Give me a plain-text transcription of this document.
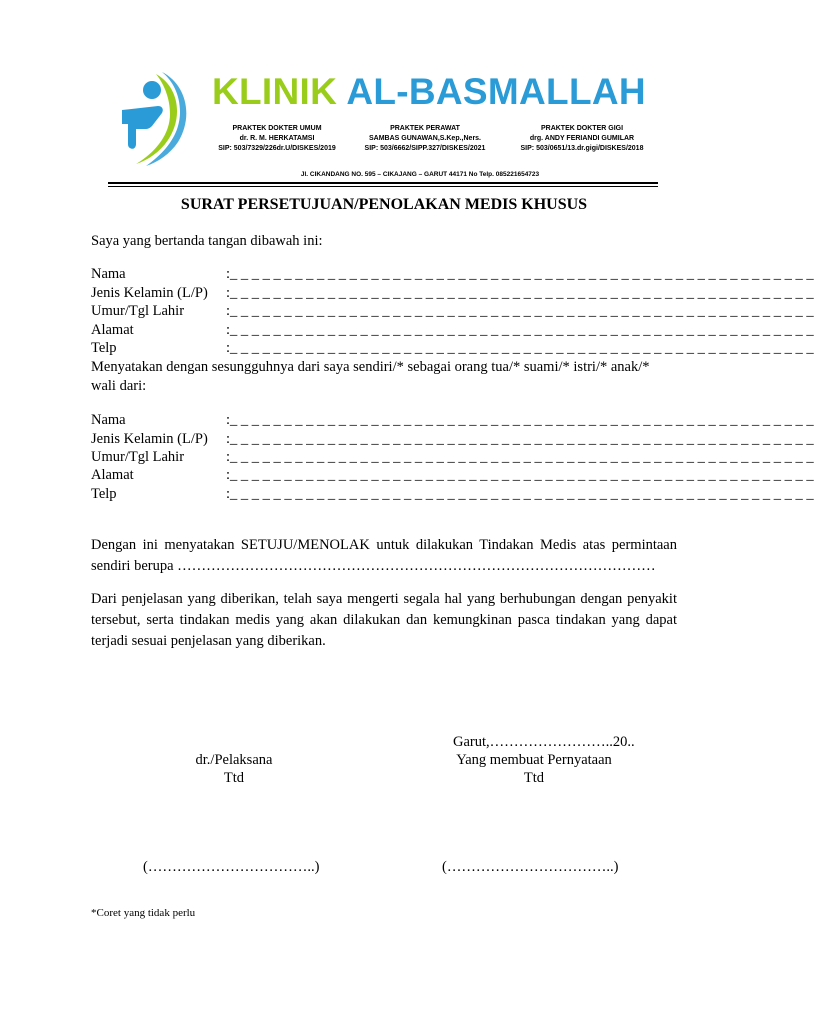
KLINIK AL-BASMALLAH
PRAKTEK DOKTER UMUM
dr. R. M. HERKATAMSI
SIP: 503/7329/226dr.U/DISKES/2019
PRAKTEK PERAWAT
SAMBAS GUNAWAN,S.Kep.,Ners.
SIP: 503/6662/SIPP.327/DISKES/2021
PRAKTEK DOKTER GIGI
drg. ANDY FERIANDI GUMILAR
SIP: 503/0651/13.dr.gigi/DISKES/2018
Jl. CIKANDANG NO. 595 – CIKAJANG – GARUT 44171 No Telp. 085221654723
SURAT PERSETUJUAN/PENOLAKAN MEDIS KHUSUS
Saya yang bertanda tangan dibawah ini:
Nama	:_ _ _ _ _ _ _ _ _ _ _ _ _ _ _ _ _ _ _ _ _ _ _ _ _ _ _ _ _ _ _ _ _ _ _ _ _ _ _ _ _ _ _ _ _ _ _ _ _ _ _ _ _ _
Jenis Kelamin (L/P) :_ _ _ _ _ _ _ _ _ _ _ _ _ _ _ _ _ _ _ _ _ _ _ _ _ _ _ _ _ _ _ _ _ _ _ _ _ _ _ _ _ _ _ _ _ _ _ _ _ _ _ _ _ _
Umur/Tgl Lahir	:_ _ _ _ _ _ _ _ _ _ _ _ _ _ _ _ _ _ _ _ _ _ _ _ _ _ _ _ _ _ _ _ _ _ _ _ _ _ _ _ _ _ _ _ _ _ _ _ _ _ _ _ _ _
Alamat	:_ _ _ _ _ _ _ _ _ _ _ _ _ _ _ _ _ _ _ _ _ _ _ _ _ _ _ _ _ _ _ _ _ _ _ _ _ _ _ _ _ _ _ _ _ _ _ _ _ _ _ _ _ _
Telp	:_ _ _ _ _ _ _ _ _ _ _ _ _ _ _ _ _ _ _ _ _ _ _ _ _ _ _ _ _ _ _ _ _ _ _ _ _ _ _ _ _ _ _ _ _ _ _ _ _ _ _ _ _ _
Menyatakan dengan sesungguhnya dari saya sendiri/* sebagai orang tua/* suami/* istri/* anak/*
wali dari:
Nama	:_ _ _ _ _ _ _ _ _ _ _ _ _ _ _ _ _ _ _ _ _ _ _ _ _ _ _ _ _ _ _ _ _ _ _ _ _ _ _ _ _ _ _ _ _ _ _ _ _ _ _ _ _ _
Jenis Kelamin (L/P) :_ _ _ _ _ _ _ _ _ _ _ _ _ _ _ _ _ _ _ _ _ _ _ _ _ _ _ _ _ _ _ _ _ _ _ _ _ _ _ _ _ _ _ _ _ _ _ _ _ _ _ _ _ _
Umur/Tgl Lahir	:_ _ _ _ _ _ _ _ _ _ _ _ _ _ _ _ _ _ _ _ _ _ _ _ _ _ _ _ _ _ _ _ _ _ _ _ _ _ _ _ _ _ _ _ _ _ _ _ _ _ _ _ _ _
Alamat	:_ _ _ _ _ _ _ _ _ _ _ _ _ _ _ _ _ _ _ _ _ _ _ _ _ _ _ _ _ _ _ _ _ _ _ _ _ _ _ _ _ _ _ _ _ _ _ _ _ _ _ _ _ _
Telp	:_ _ _ _ _ _ _ _ _ _ _ _ _ _ _ _ _ _ _ _ _ _ _ _ _ _ _ _ _ _ _ _ _ _ _ _ _ _ _ _ _ _ _ _ _ _ _ _ _ _ _ _ _ _
Dengan ini menyatakan SETUJU/MENOLAK untuk dilakukan Tindakan Medis atas permintaan sendiri berupa ………………………………………………………………………………………
Dari penjelasan yang diberikan, telah saya mengerti segala hal yang berhubungan dengan penyakit tersebut, serta tindakan medis yang akan dilakukan dan kemungkinan pasca tindakan yang dapat terjadi sesuai penjelasan yang diberikan.
Garut,……………………..20..
dr./Pelaksana
Ttd
Yang membuat Pernyataan
Ttd
(……………………………..)	(……………………………..)
*Coret yang tidak perlu
